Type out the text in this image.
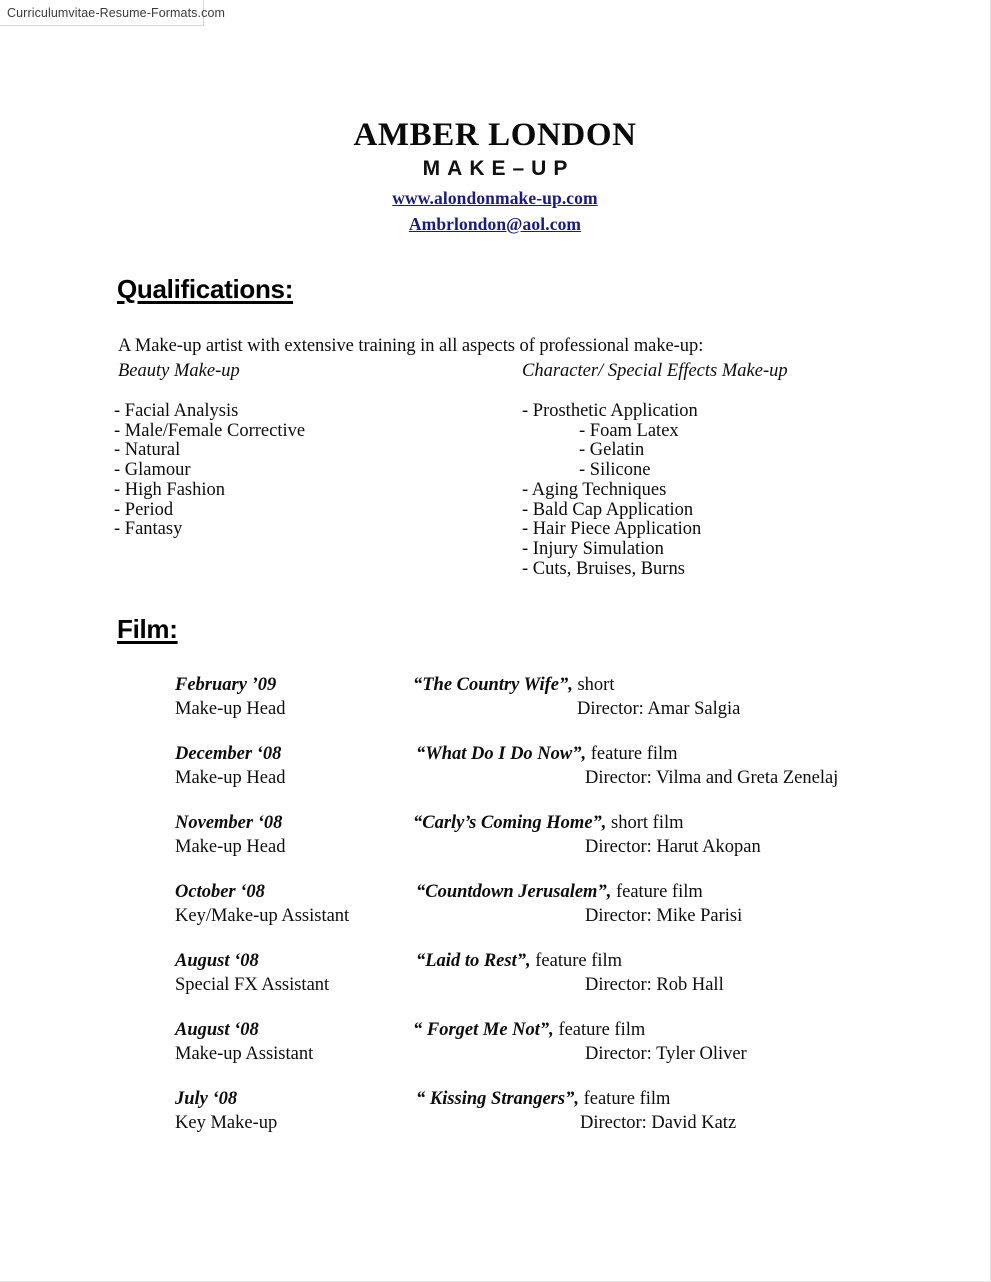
Curriculumvitae-Resume-Formats.com
AMBER LONDON
MAKE–UP
www.alondonmake-up.com
Ambrlondon@aol.com
Qualifications:
A Make-up artist with extensive training in all aspects of professional make-up:
Beauty Make-up	Character/ Special Effects Make-up
- Facial Analysis
- Male/Female Corrective
- Natural
- Glamour
- High Fashion
- Period
- Fantasy
- Prosthetic Application
- Foam Latex
- Gelatin
- Silicone
- Aging Techniques
- Bald Cap Application
- Hair Piece Application
- Injury Simulation
- Cuts, Bruises, Burns
Film:
February ’09
Make-up Head
“The Country Wife”, short
Director: Amar Salgia
December ‘08
Make-up Head
“What Do I Do Now”, feature film
Director: Vilma and Greta Zenelaj
November ‘08
Make-up Head
“Carly’s Coming Home”, short film
Director: Harut Akopan
October ‘08
Key/Make-up Assistant
“Countdown Jerusalem”, feature film
Director: Mike Parisi
August ‘08
Special FX Assistant
“Laid to Rest”, feature film
Director: Rob Hall
August ‘08
Make-up Assistant
“ Forget Me Not”, feature film
Director: Tyler Oliver
July ‘08
Key Make-up
“ Kissing Strangers”, feature film
Director: David Katz
